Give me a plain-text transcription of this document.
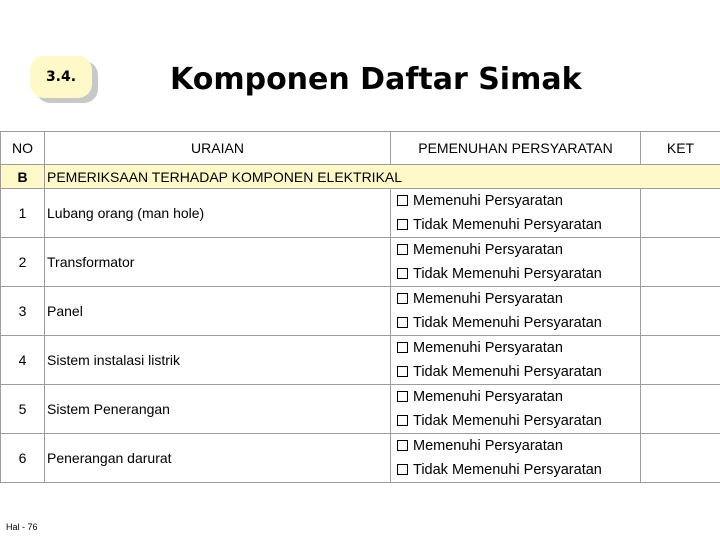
3.4.	Komponen Daftar Simak
NO	URAIAN	PEMENUHAN PERSYARATAN	KET
B	PEMERIKSAAN TERHADAP KOMPONEN ELEKTRIKAL		
1	Lubang orang (man hole)	Memenuhi Persyaratan
Tidak Memenuhi Persyaratan	

2	Transformator	Memenuhi Persyaratan
Tidak Memenuhi Persyaratan	

3	Panel	Memenuhi Persyaratan
Tidak Memenuhi Persyaratan	

4	Sistem instalasi listrik	Memenuhi Persyaratan
Tidak Memenuhi Persyaratan	

5	Sistem Penerangan	Memenuhi Persyaratan
Tidak Memenuhi Persyaratan	

6	Penerangan darurat	Memenuhi Persyaratan
Tidak Memenuhi Persyaratan	

Hal - 76
